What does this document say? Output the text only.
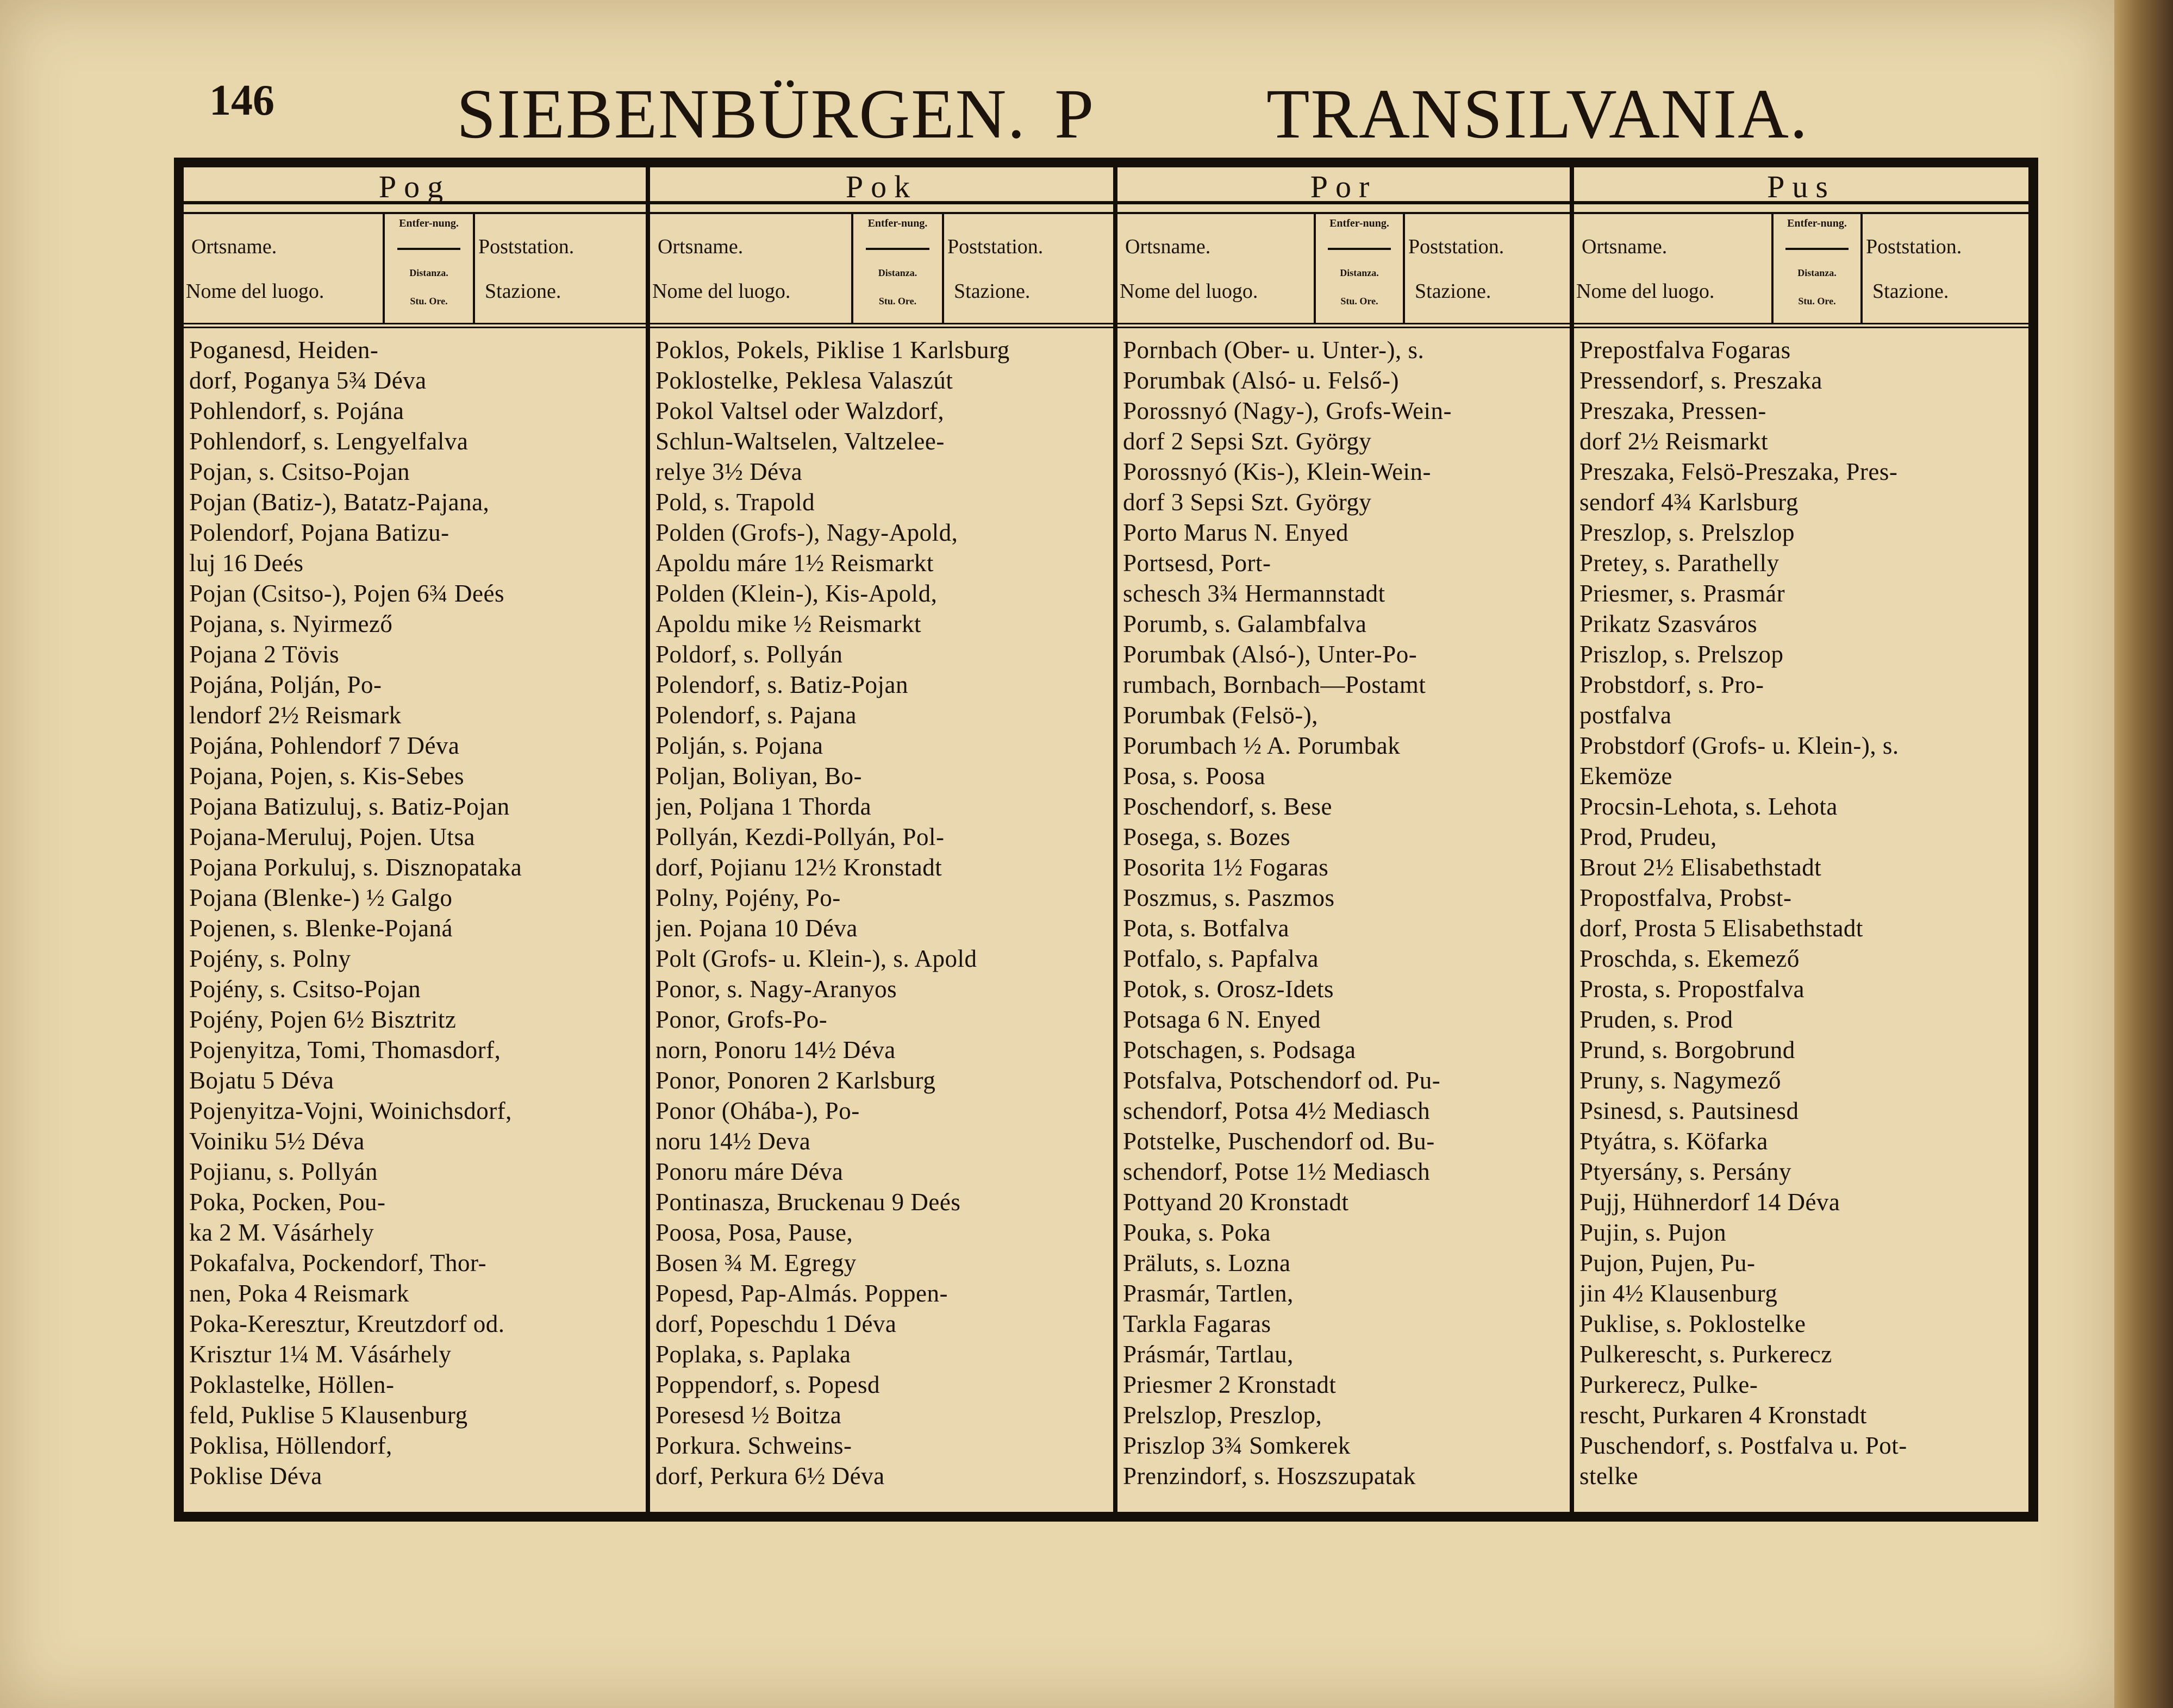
146	SIEBENBÜRGEN. P TRANSILVANIA.
Pog
Ortsname.
Nome del luogo.
Entfer-nung.
Distanza.
Stu. Ore.
Poststation.
Stazione.
Poganesd, Heiden-
dorf, Poganya 5¾ Déva
Pohlendorf, s. Pojána
Pohlendorf, s. Lengyelfalva
Pojan, s. Csitso-Pojan
Pojan (Batiz-), Batatz-Pajana,
Polendorf, Pojana Batizu-
luj 16 Deés
Pojan (Csitso-), Pojen 6¾ Deés
Pojana, s. Nyirmező
Pojana 2 Tövis
Pojána, Polján, Po-
lendorf 2½ Reismark
Pojána, Pohlendorf 7 Déva
Pojana, Pojen, s. Kis-Sebes
Pojana Batizuluj, s. Batiz-Pojan
Pojana-Meruluj, Pojen. Utsa
Pojana Porkuluj, s. Disznopataka
Pojana (Blenke-) ½ Galgo
Pojenen, s. Blenke-Pojaná
Pojény, s. Polny
Pojény, s. Csitso-Pojan
Pojény, Pojen 6½ Bisztritz
Pojenyitza, Tomi, Thomasdorf,
Bojatu 5 Déva
Pojenyitza-Vojni, Woinichsdorf,
Voiniku 5½ Déva
Pojianu, s. Pollyán
Poka, Pocken, Pou-
ka 2 M. Vásárhely
Pokafalva, Pockendorf, Thor-
nen, Poka 4 Reismark
Poka-Keresztur, Kreutzdorf od.
Krisztur 1¼ M. Vásárhely
Poklastelke, Höllen-
feld, Puklise 5 Klausenburg
Poklisa, Höllendorf,
Poklise Déva
Pok
Ortsname.
Nome del luogo.
Entfer-nung.
Distanza.
Stu. Ore.
Poststation.
Stazione.
Poklos, Pokels, Piklise 1 Karlsburg
Poklostelke, Peklesa Valaszút
Pokol Valtsel oder Walzdorf,
Schlun-Waltselen, Valtzelee-
relye 3½ Déva
Pold, s. Trapold
Polden (Grofs-), Nagy-Apold,
Apoldu máre 1½ Reismarkt
Polden (Klein-), Kis-Apold,
Apoldu mike ½ Reismarkt
Poldorf, s. Pollyán
Polendorf, s. Batiz-Pojan
Polendorf, s. Pajana
Polján, s. Pojana
Poljan, Boliyan, Bo-
jen, Poljana 1 Thorda
Pollyán, Kezdi-Pollyán, Pol-
dorf, Pojianu 12½ Kronstadt
Polny, Pojény, Po-
jen. Pojana 10 Déva
Polt (Grofs- u. Klein-), s. Apold
Ponor, s. Nagy-Aranyos
Ponor, Grofs-Po-
norn, Ponoru 14½ Déva
Ponor, Ponoren 2 Karlsburg
Ponor (Ohába-), Po-
noru 14½ Deva
Ponoru máre Déva
Pontinasza, Bruckenau 9 Deés
Poosa, Posa, Pause,
Bosen ¾ M. Egregy
Popesd, Pap-Almás. Poppen-
dorf, Popeschdu 1 Déva
Poplaka, s. Paplaka
Poppendorf, s. Popesd
Poresesd ½ Boitza
Porkura. Schweins-
dorf, Perkura 6½ Déva
Por
Ortsname.
Nome del luogo.
Entfer-nung.
Distanza.
Stu. Ore.
Poststation.
Stazione.
Pornbach (Ober- u. Unter-), s.
Porumbak (Alsó- u. Felső-)
Porossnyó (Nagy-), Grofs-Wein-
dorf 2 Sepsi Szt. György
Porossnyó (Kis-), Klein-Wein-
dorf 3 Sepsi Szt. György
Porto Marus N. Enyed
Portsesd, Port-
schesch 3¾ Hermannstadt
Porumb, s. Galambfalva
Porumbak (Alsó-), Unter-Po-
rumbach, Bornbach—Postamt
Porumbak (Felsö-),
Porumbach ½ A. Porumbak
Posa, s. Poosa
Poschendorf, s. Bese
Posega, s. Bozes
Posorita 1½ Fogaras
Poszmus, s. Paszmos
Pota, s. Botfalva
Potfalo, s. Papfalva
Potok, s. Orosz-Idets
Potsaga 6 N. Enyed
Potschagen, s. Podsaga
Potsfalva, Potschendorf od. Pu-
schendorf, Potsa 4½ Mediasch
Potstelke, Puschendorf od. Bu-
schendorf, Potse 1½ Mediasch
Pottyand 20 Kronstadt
Pouka, s. Poka
Präluts, s. Lozna
Prasmár, Tartlen,
Tarkla Fagaras
Prásmár, Tartlau,
Priesmer 2 Kronstadt
Prelszlop, Preszlop,
Priszlop 3¾ Somkerek
Prenzindorf, s. Hoszszupatak
Pus
Ortsname.
Nome del luogo.
Entfer-nung.
Distanza.
Stu. Ore.
Poststation.
Stazione.
Prepostfalva Fogaras
Pressendorf, s. Preszaka
Preszaka, Pressen-
dorf 2½ Reismarkt
Preszaka, Felsö-Preszaka, Pres-
sendorf 4¾ Karlsburg
Preszlop, s. Prelszlop
Pretey, s. Parathelly
Priesmer, s. Prasmár
Prikatz Szasváros
Priszlop, s. Prelszop
Probstdorf, s. Pro-
postfalva
Probstdorf (Grofs- u. Klein-), s.
Ekemöze
Procsin-Lehota, s. Lehota
Prod, Prudeu,
Brout 2½ Elisabethstadt
Propostfalva, Probst-
dorf, Prosta 5 Elisabethstadt
Proschda, s. Ekemező
Prosta, s. Propostfalva
Pruden, s. Prod
Prund, s. Borgobrund
Pruny, s. Nagymező
Psinesd, s. Pautsinesd
Ptyátra, s. Köfarka
Ptyersány, s. Persány
Pujj, Hühnerdorf 14 Déva
Pujin, s. Pujon
Pujon, Pujen, Pu-
jin 4½ Klausenburg
Puklise, s. Poklostelke
Pulkerescht, s. Purkerecz
Purkerecz, Pulke-
rescht, Purkaren 4 Kronstadt
Puschendorf, s. Postfalva u. Pot-
stelke
